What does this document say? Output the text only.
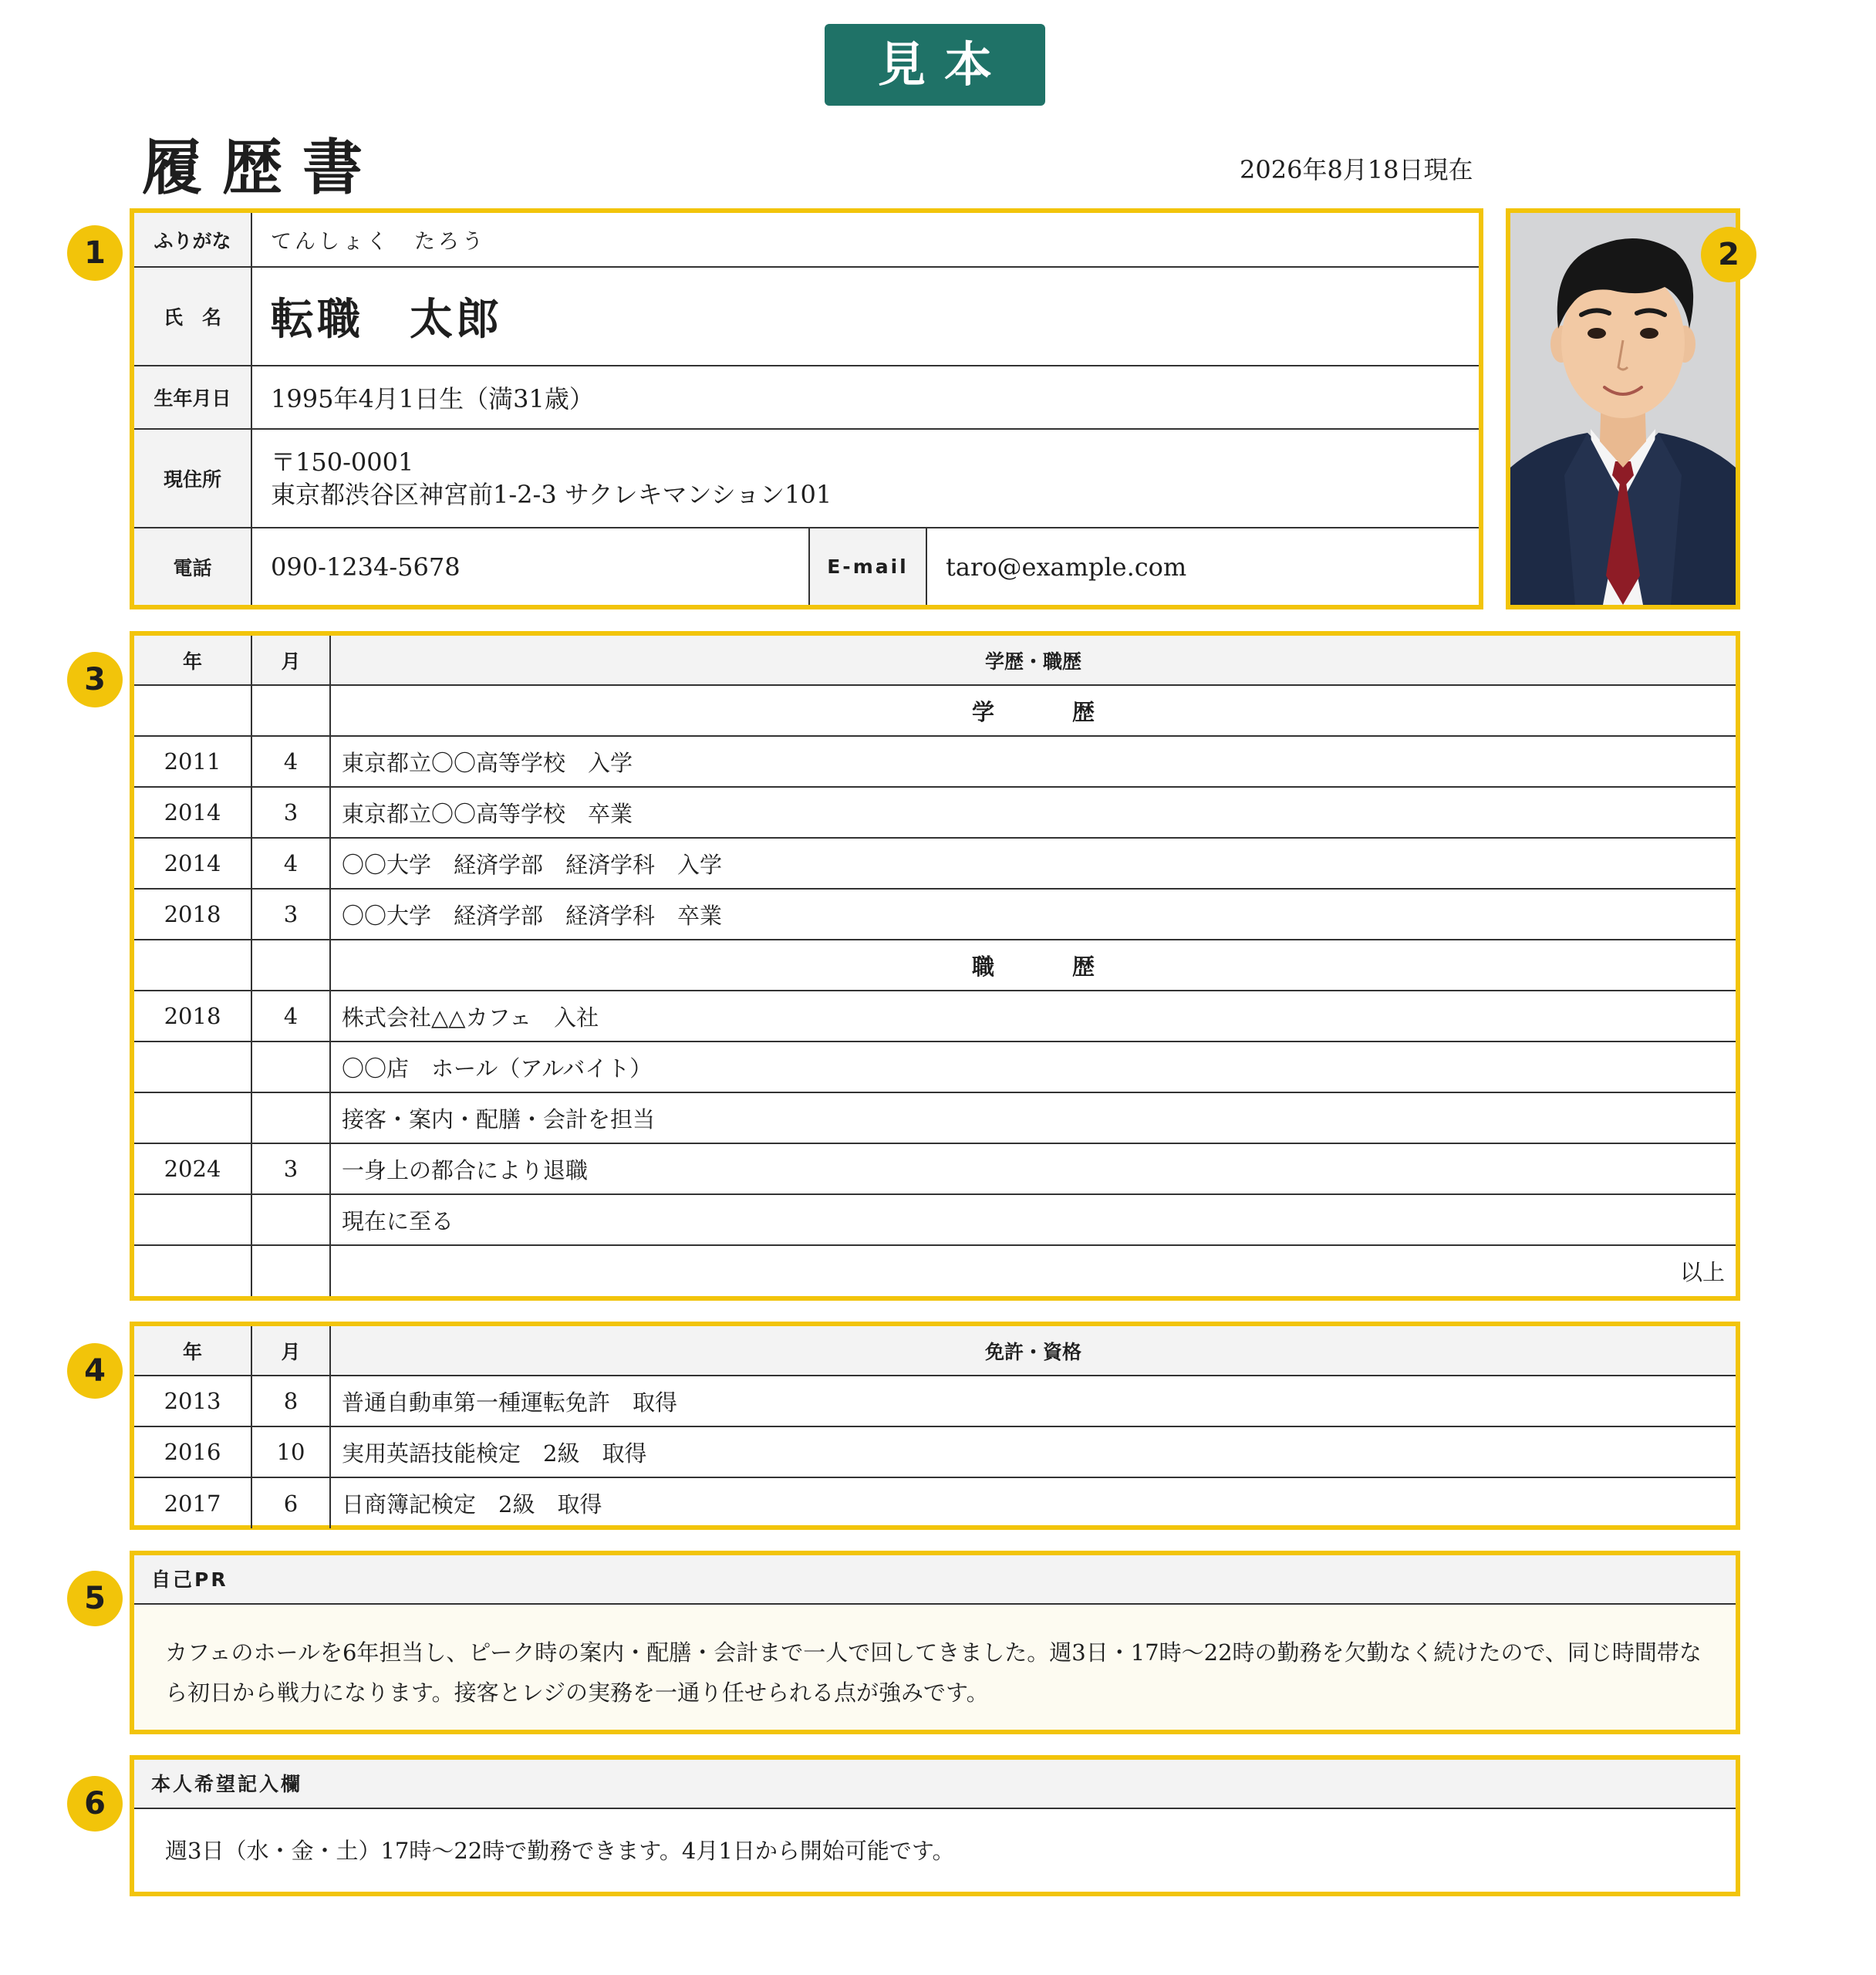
見本
履歴書	2026年8月18日現在
1	2
3
4
5
6
ふりがな	てんしょく　たろう		
氏　名	転職　太郎		
生年月日	1995年4月1日生（満31歳）		
現住所	〒150-0001
東京都渋谷区神宮前1-2-3 サクレキマンション101		

電話	090-1234-5678	E-mail	taro@example.com
年	月	学歴・職歴
		学　歴
2011	4	東京都立〇〇高等学校　入学
2014	3	東京都立〇〇高等学校　卒業
2014	4	〇〇大学　経済学部　経済学科　入学
2018	3	〇〇大学　経済学部　経済学科　卒業
		職　歴
2018	4	株式会社△△カフェ　入社
		〇〇店　ホール（アルバイト）
		接客・案内・配膳・会計を担当
2024	3	一身上の都合により退職
		現在に至る
		以上
年	月	免許・資格
2013	8	普通自動車第一種運転免許　取得
2016	10	実用英語技能検定　2級　取得
2017	6	日商簿記検定　2級　取得
自己PR
カフェのホールを6年担当し、ピーク時の案内・配膳・会計まで一人で回してきました。週3日・17時〜22時の勤務を欠勤なく続けたので、同じ時間帯なら初日から戦力になります。接客とレジの実務を一通り任せられる点が強みです。
本人希望記入欄
週3日（水・金・土）17時〜22時で勤務できます。4月1日から開始可能です。
